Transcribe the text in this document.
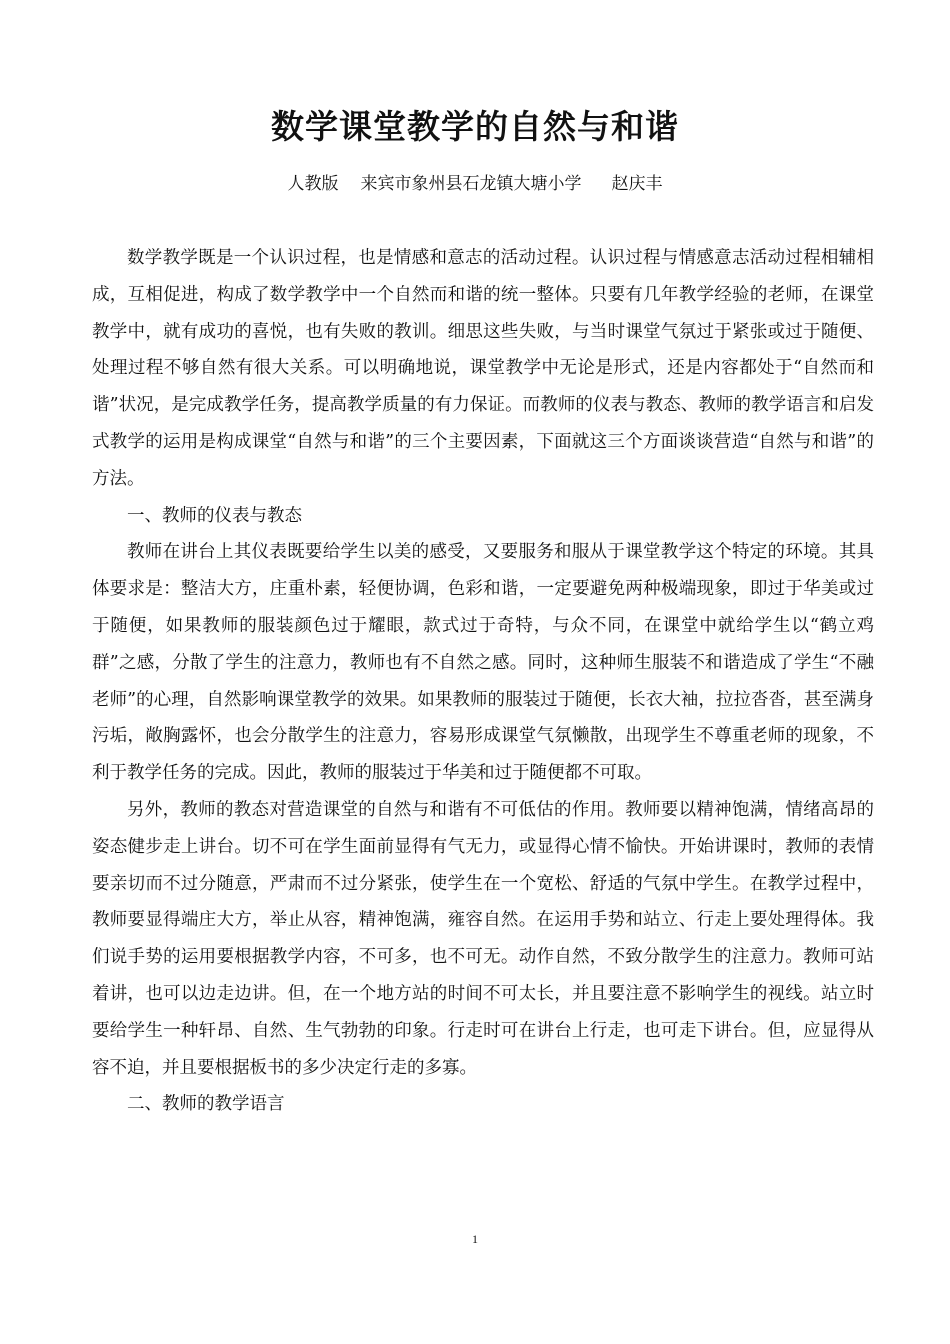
数学课堂教学的自然与和谐
人教版 来宾市象州县石龙镇大塘小学 赵庆丰

数学教学既是一个认识过程，也是情感和意志的活动过程。认识过程与情感意志活动过程相辅相成，互相促进，构成了数学教学中一个自然而和谐的统一整体。只要有几年教学经验的老师，在课堂教学中，就有成功的喜悦，也有失败的教训。细思这些失败，与当时课堂气氛过于紧张或过于随便、处理过程不够自然有很大关系。可以明确地说，课堂教学中无论是形式，还是内容都处于“自然而和谐”状况，是完成教学任务，提高教学质量的有力保证。而教师的仪表与教态、教师的教学语言和启发式教学的运用是构成课堂“自然与和谐”的三个主要因素，下面就这三个方面谈谈营造“自然与和谐”的方法。

一、教师的仪表与教态

教师在讲台上其仪表既要给学生以美的感受，又要服务和服从于课堂教学这个特定的环境。其具体要求是：整洁大方，庄重朴素，轻便协调，色彩和谐，一定要避免两种极端现象，即过于华美或过于随便，如果教师的服装颜色过于耀眼，款式过于奇特，与众不同，在课堂中就给学生以“鹤立鸡群”之感，分散了学生的注意力，教师也有不自然之感。同时，这种师生服装不和谐造成了学生“不融老师”的心理，自然影响课堂教学的效果。如果教师的服装过于随便，长衣大袖，拉拉沓沓，甚至满身污垢，敞胸露怀，也会分散学生的注意力，容易形成课堂气氛懒散，出现学生不尊重老师的现象，不利于教学任务的完成。因此，教师的服装过于华美和过于随便都不可取。

另外，教师的教态对营造课堂的自然与和谐有不可低估的作用。教师要以精神饱满，情绪高昂的姿态健步走上讲台。切不可在学生面前显得有气无力，或显得心情不愉快。开始讲课时，教师的表情要亲切而不过分随意，严肃而不过分紧张，使学生在一个宽松、舒适的气氛中学生。在教学过程中，教师要显得端庄大方，举止从容，精神饱满，雍容自然。在运用手势和站立、行走上要处理得体。我们说手势的运用要根据教学内容，不可多，也不可无。动作自然，不致分散学生的注意力。教师可站着讲，也可以边走边讲。但，在一个地方站的时间不可太长，并且要注意不影响学生的视线。站立时要给学生一种轩昂、自然、生气勃勃的印象。行走时可在讲台上行走，也可走下讲台。但，应显得从容不迫，并且要根据板书的多少决定行走的多寡。

二、教师的教学语言

1
